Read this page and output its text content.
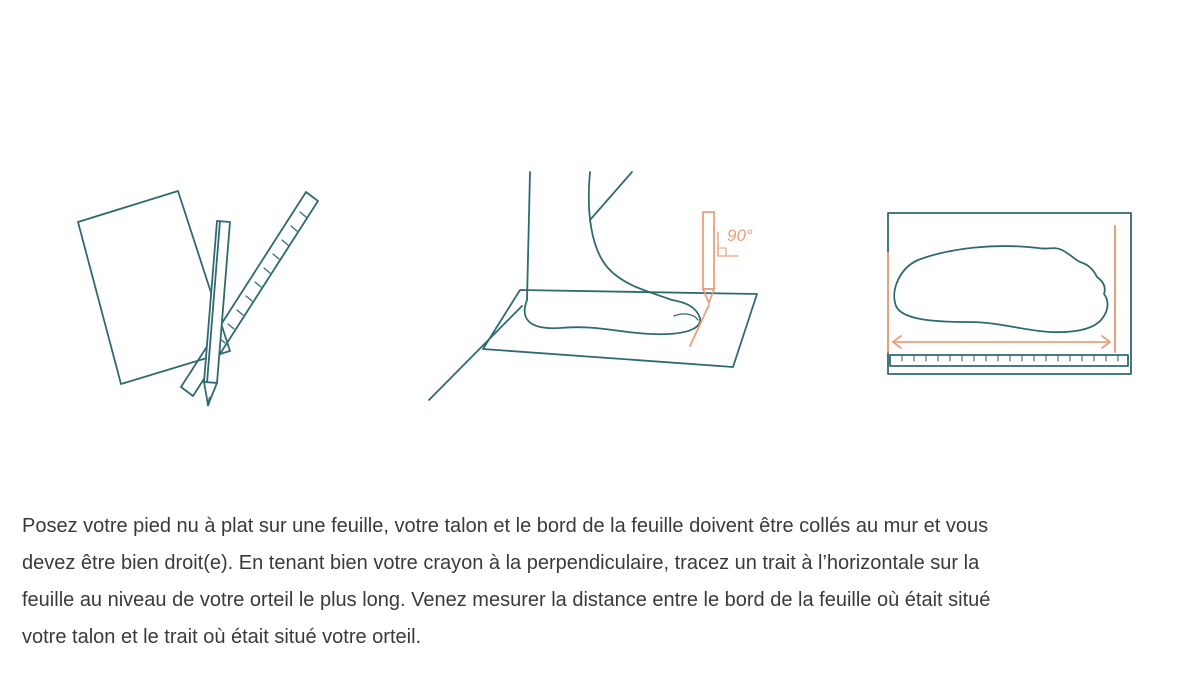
90°

Posez votre pied nu à plat sur une feuille, votre talon et le bord de la feuille doivent être collés au mur et vous
devez être bien droit(e). En tenant bien votre crayon à la perpendiculaire, tracez un trait à l’horizontale sur la
feuille au niveau de votre orteil le plus long. Venez mesurer la distance entre le bord de la feuille où était situé
votre talon et le trait où était situé votre orteil.
